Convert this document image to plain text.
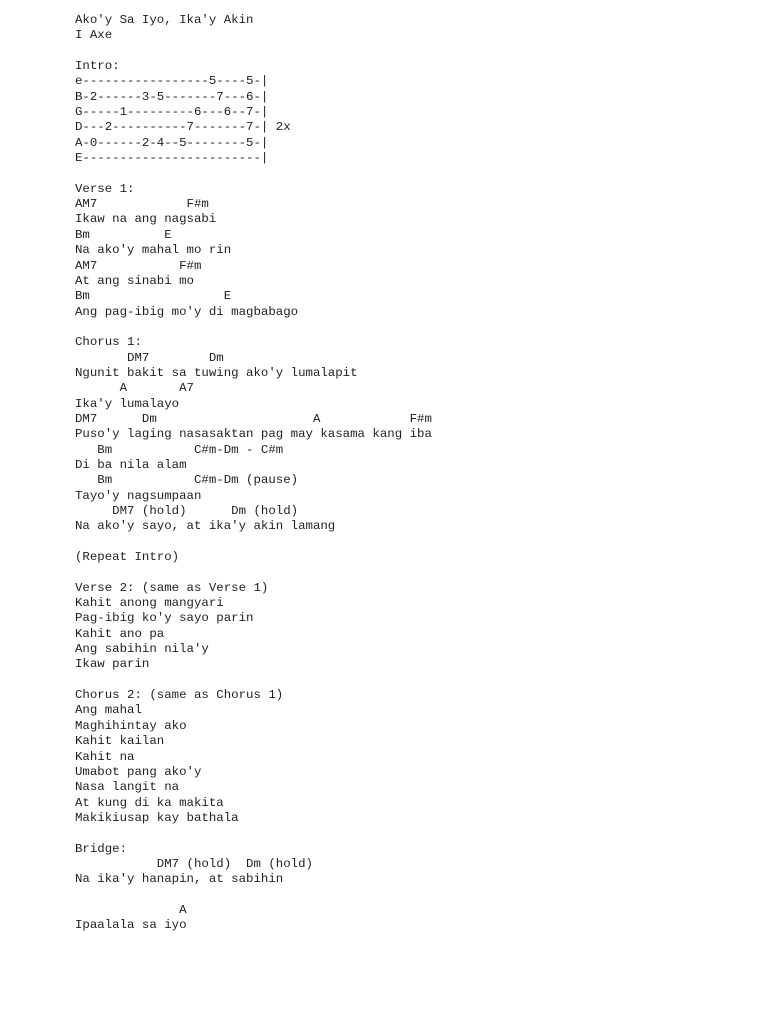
Ako'y Sa Iyo, Ika'y Akin
I Axe
Intro:
e-----------------5----5-|
B-2------3-5-------7---6-|
G-----1---------6---6--7-|
D---2----------7-------7-| 2x
A-0------2-4--5--------5-|
E------------------------|
Verse 1:
AM7            F#m
Ikaw na ang nagsabi
Bm          E
Na ako'y mahal mo rin
AM7           F#m
At ang sinabi mo
Bm                  E
Ang pag-ibig mo'y di magbabago
Chorus 1:
DM7        Dm
Ngunit bakit sa tuwing ako'y lumalapit
A       A7
Ika'y lumalayo
DM7      Dm                     A            F#m
Puso'y laging nasasaktan pag may kasama kang iba
Bm           C#m-Dm - C#m
Di ba nila alam
Bm           C#m-Dm (pause)
Tayo'y nagsumpaan
DM7 (hold)      Dm (hold)
Na ako'y sayo, at ika'y akin lamang
(Repeat Intro)
Verse 2: (same as Verse 1)
Kahit anong mangyari
Pag-ibig ko'y sayo parin
Kahit ano pa
Ang sabihin nila'y
Ikaw parin
Chorus 2: (same as Chorus 1)
Ang mahal
Maghihintay ako
Kahit kailan
Kahit na
Umabot pang ako'y
Nasa langit na
At kung di ka makita
Makikiusap kay bathala
Bridge:
DM7 (hold)  Dm (hold)
Na ika'y hanapin, at sabihin
A
Ipaalala sa iyo
